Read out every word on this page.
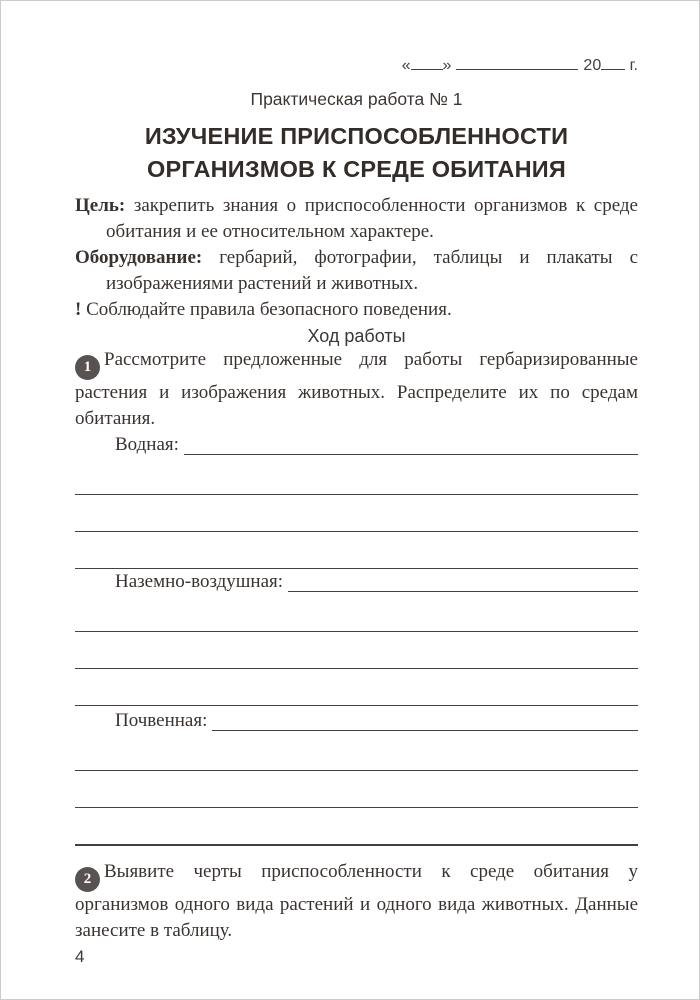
« »	20 г.
Практическая работа № 1
ИЗУЧЕНИЕ ПРИСПОСОБЛЕННОСТИ
ОРГАНИЗМОВ К СРЕДЕ ОБИТАНИЯ

Цель: закрепить знания о приспособленности организмов к среде обитания и ее относительном характере.

Оборудование: гербарий, фотографии, таблицы и плакаты с изображениями растений и животных.

! Соблюдайте правила безопасного поведения.

Ход работы

1 Рассмотрите предложенные для работы гербаризированные растения и изображения животных. Распределите их по средам обитания.

Водная:
Наземно-воздушная:
Почвенная:

2 Выявите черты приспособленности к среде обитания у организмов одного вида растений и одного вида животных. Данные занесите в таблицу.

4
